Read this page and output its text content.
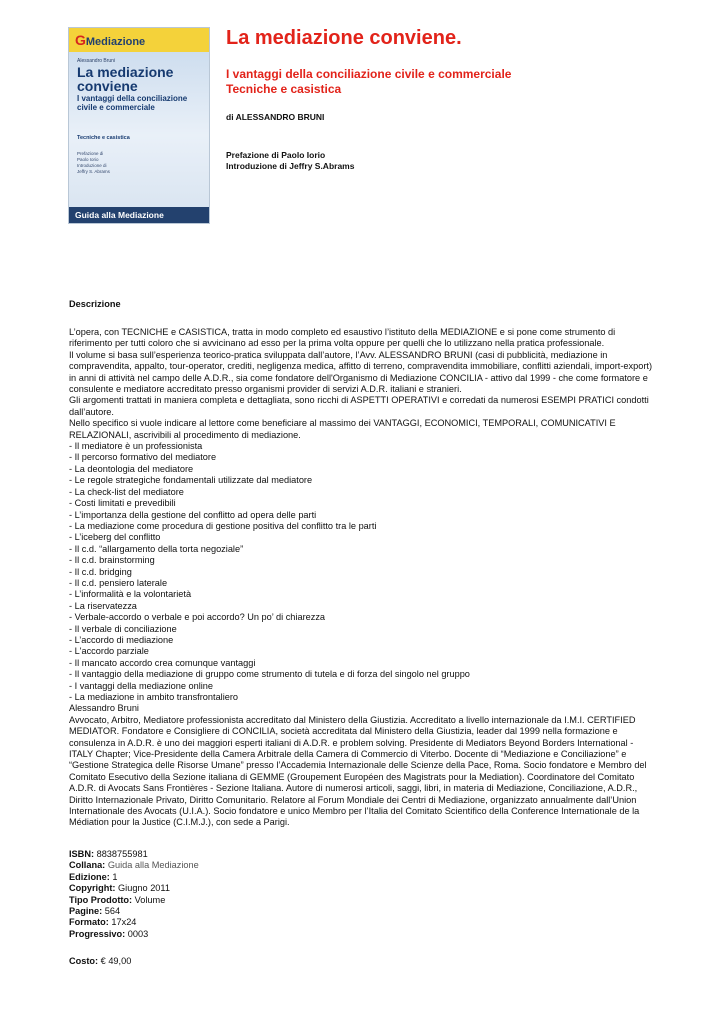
GMediazione
Alessandro Bruni
La mediazione conviene
I vantaggi della conciliazione civile e commerciale
Tecniche e casistica
Prefazione di
Paolo Iorio
Introduzione di
Jeffry S. Abrams
Guida alla Mediazione
La mediazione conviene.
I vantaggi della conciliazione civile e commerciale
Tecniche e casistica
di ALESSANDRO BRUNI
Prefazione di Paolo Iorio
Introduzione di Jeffry S.Abrams
Descrizione

L’opera, con TECNICHE e CASISTICA, tratta in modo completo ed esaustivo l’istituto della MEDIAZIONE e si pone come strumento di riferimento per tutti coloro che si avvicinano ad esso per la prima volta oppure per quelli che lo utilizzano nella pratica professionale.

Il volume si basa sull’esperienza teorico-pratica sviluppata dall’autore, l’Avv. ALESSANDRO BRUNI (casi di pubblicità, mediazione in compravendita, appalto, tour-operator, crediti, negligenza medica, affitto di terreno, compravendita immobiliare, conflitti aziendali, import-export) in anni di attività nel campo delle A.D.R., sia come fondatore dell'Organismo di Mediazione CONCILIA - attivo dal 1999 - che come formatore e consulente e mediatore accreditato presso organismi provider di servizi A.D.R. italiani e stranieri.

Gli argomenti trattati in maniera completa e dettagliata, sono ricchi di ASPETTI OPERATIVI e corredati da numerosi ESEMPI PRATICI condotti dall’autore.

Nello specifico si vuole indicare al lettore come beneficiare al massimo dei VANTAGGI, ECONOMICI, TEMPORALI, COMUNICATIVI E RELAZIONALI, ascrivibili al procedimento di mediazione.

- Il mediatore è un professionista
- Il percorso formativo del mediatore
- La deontologia del mediatore
- Le regole strategiche fondamentali utilizzate dal mediatore
- La check-list del mediatore
- Costi limitati e prevedibili
- L’importanza della gestione del conflitto ad opera delle parti
- La mediazione come procedura di gestione positiva del conflitto tra le parti
- L’iceberg del conflitto
- Il c.d. “allargamento della torta negoziale”
- Il c.d. brainstorming
- Il c.d. bridging
- Il c.d. pensiero laterale
- L’informalità e la volontarietà
- La riservatezza
- Verbale-accordo o verbale e poi accordo? Un po’ di chiarezza
- Il verbale di conciliazione
- L’accordo di mediazione
- L'accordo parziale
- Il mancato accordo crea comunque vantaggi
- Il vantaggio della mediazione di gruppo come strumento di tutela e di forza del singolo nel gruppo
- I vantaggi della mediazione online
- La mediazione in ambito transfrontaliero

Alessandro Bruni

Avvocato, Arbitro, Mediatore professionista accreditato dal Ministero della Giustizia. Accreditato a livello internazionale da I.M.I. CERTIFIED MEDIATOR. Fondatore e Consigliere di CONCILIA, società accreditata dal Ministero della Giustizia, leader dal 1999 nella formazione e consulenza in A.D.R. è uno dei maggiori esperti italiani di A.D.R. e problem solving. Presidente di Mediators Beyond Borders International - ITALY Chapter; Vice-Presidente della Camera Arbitrale della Camera di Commercio di Viterbo. Docente di “Mediazione e Conciliazione” e “Gestione Strategica delle Risorse Umane” presso l’Accademia Internazionale delle Scienze della Pace, Roma. Socio fondatore e Membro del Comitato Esecutivo della Sezione italiana di GEMME (Groupement Européen des Magistrats pour la Mediation). Coordinatore del Comitato A.D.R. di Avocats Sans Frontières - Sezione Italiana. Autore di numerosi articoli, saggi, libri, in materia di Mediazione, Conciliazione, A.D.R., Diritto Internazionale Privato, Diritto Comunitario. Relatore al Forum Mondiale dei Centri di Mediazione, organizzato annualmente dall’Union Internationale des Avocats (U.I.A.). Socio fondatore e unico Membro per l’Italia del Comitato Scientifico della Conference Internationale de la Médiation pour la Justice (C.I.M.J.), con sede a Parigi.

ISBN: 8838755981
Collana: Guida alla Mediazione
Edizione: 1
Copyright: Giugno 2011
Tipo Prodotto: Volume
Pagine: 564
Formato: 17x24
Progressivo: 0003
Costo: € 49,00
